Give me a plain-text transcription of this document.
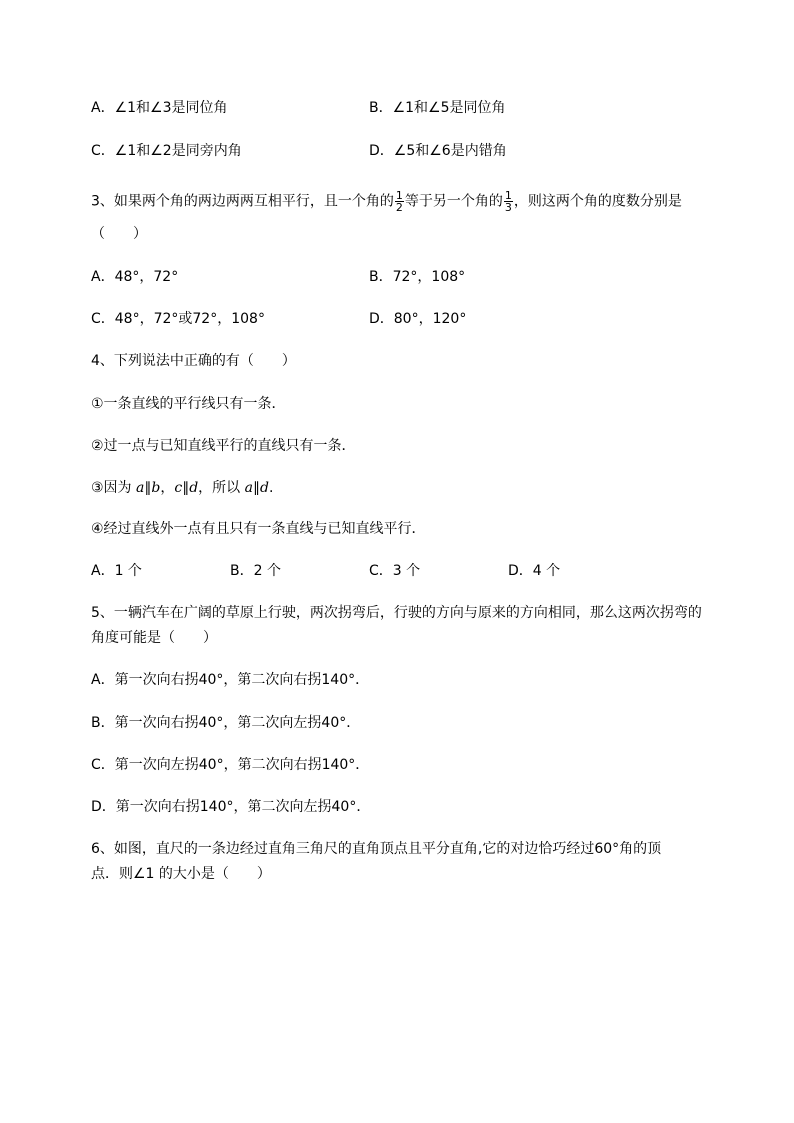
A．∠1和∠3是同位角	B．∠1和∠5是同位角
C．∠1和∠2是同旁内角	D．∠5和∠6是内错角
3、如果两个角的两边两两互相平行，且一个角的 $\frac{1}{2}$ 等于另一个角的 $\frac{1}{3}$ ，则这两个角的度数分别是
（　　）
A．48°，72°	B．72°，108°
C．48°，72°或72°，108°	D．80°，120°
4、下列说法中正确的有（　　）
①一条直线的平行线只有一条．
②过一点与已知直线平行的直线只有一条．
③因为 a∥b，c∥d，所以 a∥d.
④经过直线外一点有且只有一条直线与已知直线平行．
A．1 个	B．2 个	C．3 个	D．4 个
5、一辆汽车在广阔的草原上行驶，两次拐弯后，行驶的方向与原来的方向相同，那么这两次拐弯的
角度可能是（　　）
A．第一次向右拐40°，第二次向右拐140°．
B．第一次向右拐40°，第二次向左拐40°．
C．第一次向左拐40°，第二次向右拐140°．
D．第一次向右拐140°，第二次向左拐40°．
6、如图，直尺的一条边经过直角三角尺的直角顶点且平分直角,它的对边恰巧经过60°角的顶
点．则∠1 的大小是（　　）
